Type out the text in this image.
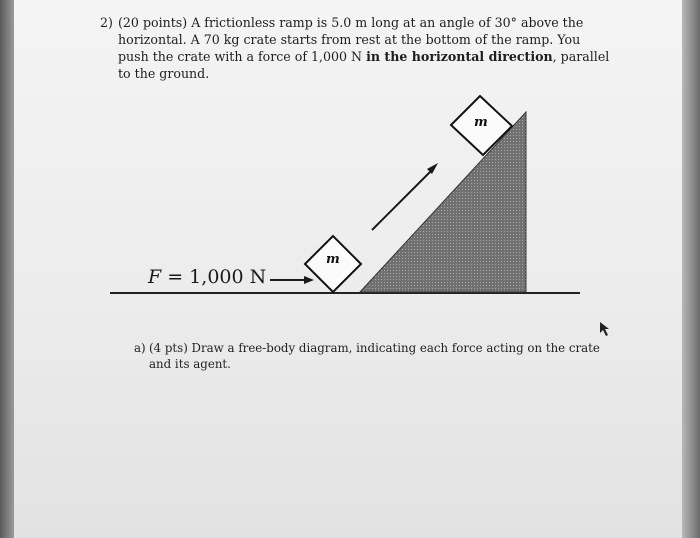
2) (20 points) A frictionless ramp is 5.0 m long at an angle of 30° above the horizontal. A 70 kg crate starts from rest at the bottom of the ramp. You push the crate with a force of 1,000 N in the horizontal direction, parallel to the ground.
m
m
F = 1,000 N
a) (4 pts) Draw a free-body diagram, indicating each force acting on the crate and its agent.
